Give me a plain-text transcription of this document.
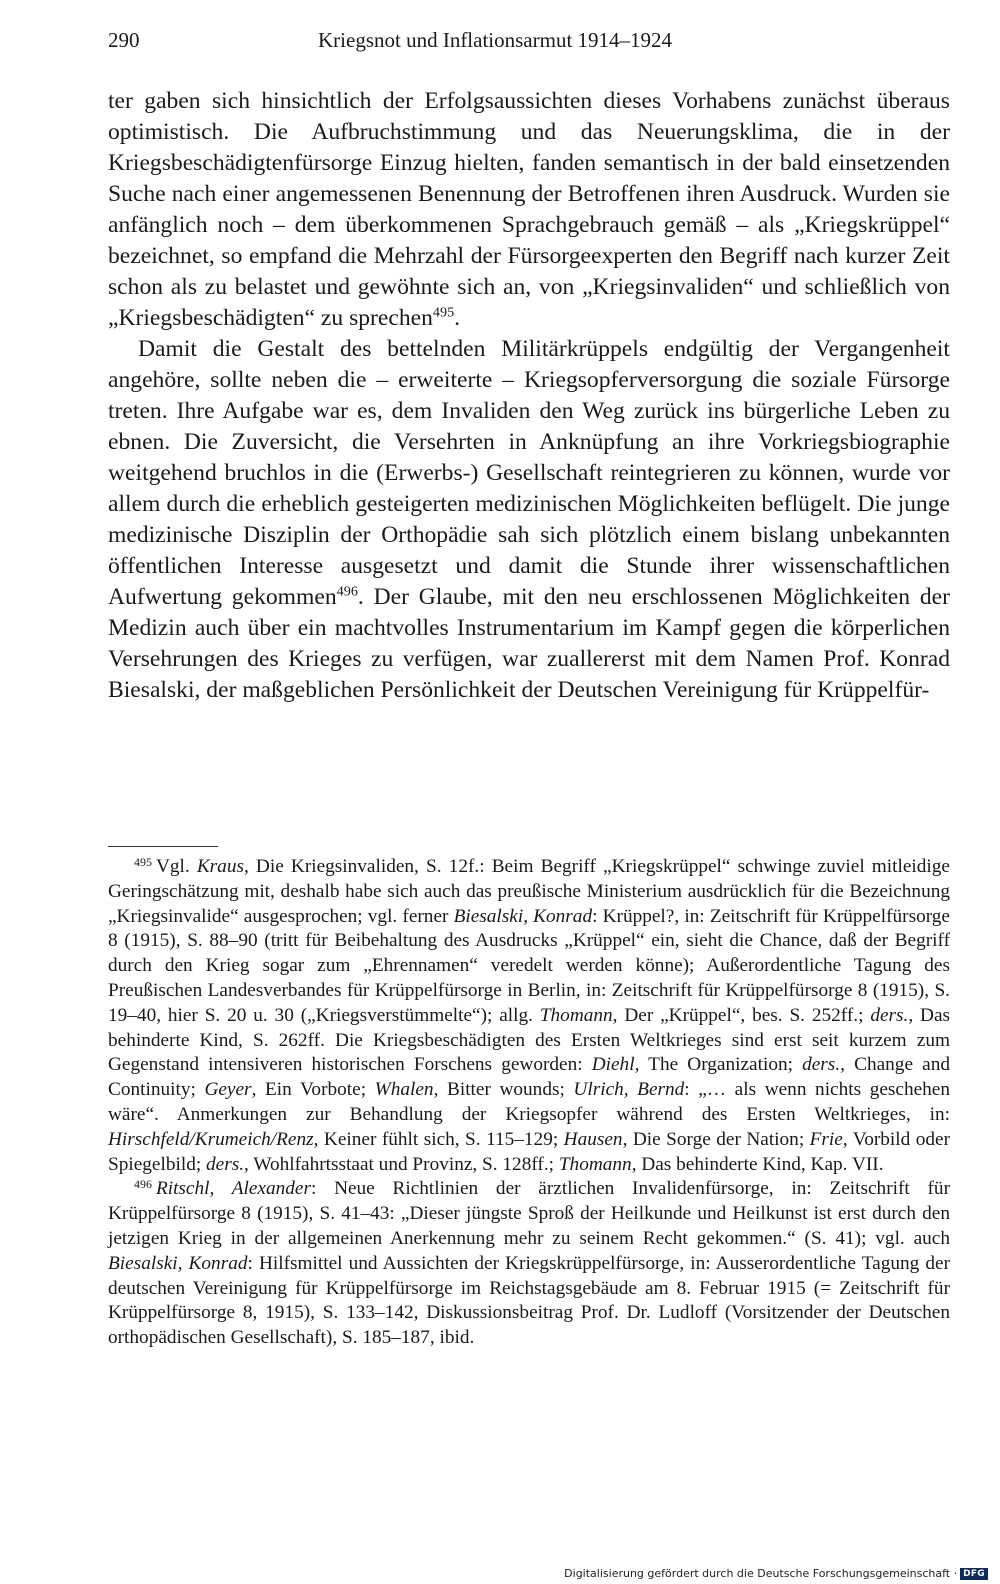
290	Kriegsnot und Inflationsarmut 1914–1924

ter gaben sich hinsichtlich der Erfolgsaussichten dieses Vorhabens zunächst überaus optimistisch. Die Aufbruchstimmung und das Neuerungsklima, die in der Kriegsbeschädigtenfürsorge Einzug hielten, fanden semantisch in der bald einsetzenden Suche nach einer angemessenen Benennung der Betroffenen ihren Ausdruck. Wurden sie anfänglich noch – dem überkommenen Sprachgebrauch gemäß – als „Kriegskrüppel“ bezeichnet, so empfand die Mehrzahl der Fürsorgeexperten den Begriff nach kurzer Zeit schon als zu belastet und gewöhnte sich an, von „Kriegsinvaliden“ und schließlich von „Kriegsbeschädigten“ zu sprechen$^{495}$.

Damit die Gestalt des bettelnden Militärkrüppels endgültig der Vergangenheit angehöre, sollte neben die – erweiterte – Kriegsopferversorgung die soziale Fürsorge treten. Ihre Aufgabe war es, dem Invaliden den Weg zurück ins bürgerliche Leben zu ebnen. Die Zuversicht, die Versehrten in Anknüpfung an ihre Vorkriegsbiographie weitgehend bruchlos in die (Erwerbs-) Gesellschaft reintegrieren zu können, wurde vor allem durch die erheblich gesteigerten medizinischen Möglichkeiten beflügelt. Die junge medizinische Disziplin der Orthopädie sah sich plötzlich einem bislang unbekannten öffentlichen Interesse ausgesetzt und damit die Stunde ihrer wissenschaftlichen Aufwertung gekommen$^{496}$. Der Glaube, mit den neu erschlossenen Möglichkeiten der Medizin auch über ein machtvolles Instrumentarium im Kampf gegen die körperlichen Versehrungen des Krieges zu verfügen, war zuallererst mit dem Namen Prof. Konrad Biesalski, der maßgeblichen Persönlichkeit der Deutschen Vereinigung für Krüppelfür-

$^{495}$ Vgl. Kraus, Die Kriegsinvaliden, S. 12f.: Beim Begriff „Kriegskrüppel“ schwinge zuviel mitleidige Geringschätzung mit, deshalb habe sich auch das preußische Ministerium ausdrücklich für die Bezeichnung „Kriegsinvalide“ ausgesprochen; vgl. ferner Biesalski, Konrad: Krüppel?, in: Zeitschrift für Krüppelfürsorge 8 (1915), S. 88–90 (tritt für Beibehaltung des Ausdrucks „Krüppel“ ein, sieht die Chance, daß der Begriff durch den Krieg sogar zum „Ehrennamen“ veredelt werden könne); Außerordentliche Tagung des Preußischen Landesverbandes für Krüppelfürsorge in Berlin, in: Zeitschrift für Krüppelfürsorge 8 (1915), S. 19–40, hier S. 20 u. 30 („Kriegsverstümmelte“); allg. Thomann, Der „Krüppel“, bes. S. 252ff.; ders., Das behinderte Kind, S. 262ff. Die Kriegsbeschädigten des Ersten Weltkrieges sind erst seit kurzem zum Gegenstand intensiveren historischen Forschens geworden: Diehl, The Organization; ders., Change and Continuity; Geyer, Ein Vorbote; Whalen, Bitter wounds; Ulrich, Bernd: „… als wenn nichts geschehen wäre“. Anmerkungen zur Behandlung der Kriegsopfer während des Ersten Weltkrieges, in: Hirschfeld/Krumeich/Renz, Keiner fühlt sich, S. 115–129; Hausen, Die Sorge der Nation; Frie, Vorbild oder Spiegelbild; ders., Wohlfahrtsstaat und Provinz, S. 128ff.; Thomann, Das behinderte Kind, Kap. VII.

$^{496}$ Ritschl, Alexander: Neue Richtlinien der ärztlichen Invalidenfürsorge, in: Zeitschrift für Krüppelfürsorge 8 (1915), S. 41–43: „Dieser jüngste Sproß der Heilkunde und Heilkunst ist erst durch den jetzigen Krieg in der allgemeinen Anerkennung mehr zu seinem Recht gekommen.“ (S. 41); vgl. auch Biesalski, Konrad: Hilfsmittel und Aussichten der Kriegskrüppelfürsorge, in: Ausserordentliche Tagung der deutschen Vereinigung für Krüppelfürsorge im Reichstagsgebäude am 8. Februar 1915 (= Zeitschrift für Krüppelfürsorge 8, 1915), S. 133–142, Diskussionsbeitrag Prof. Dr. Ludloff (Vorsitzender der Deutschen orthopädischen Gesellschaft), S. 185–187, ibid.

Digitalisierung gefördert durch die Deutsche Forschungsgemeinschaft · DFG
